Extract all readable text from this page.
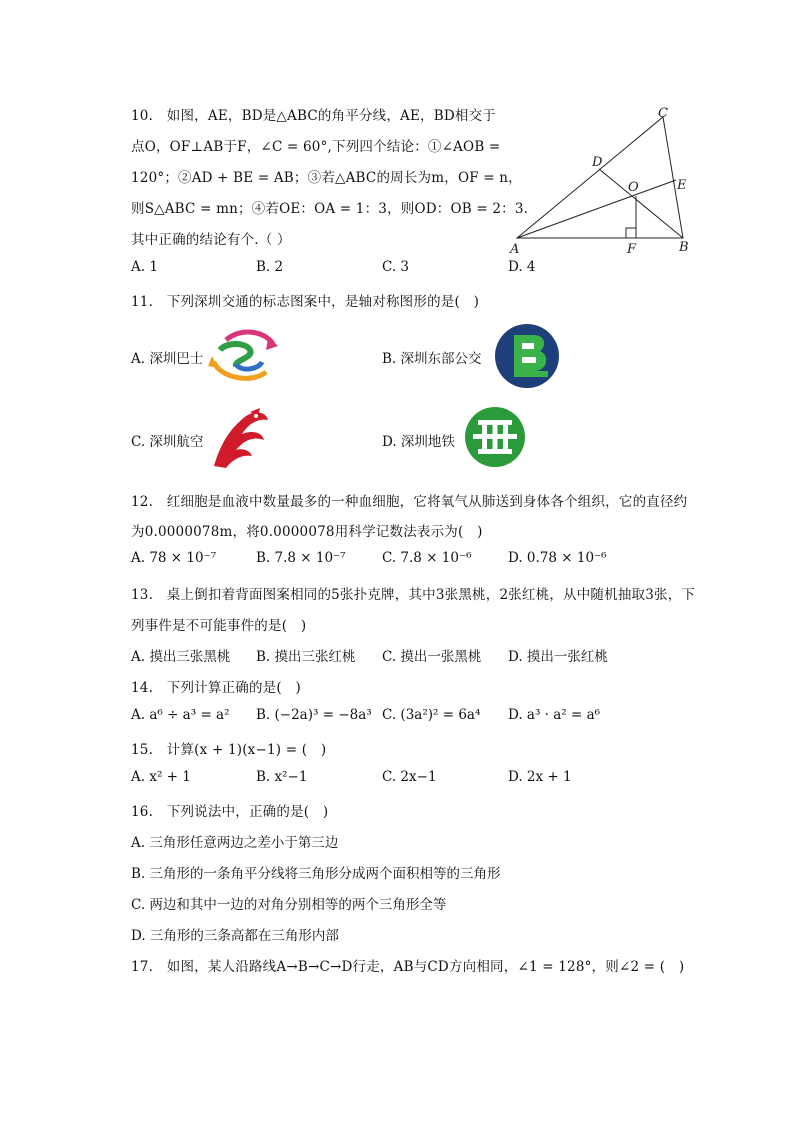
10.　如图，AE，BD是△ABC的角平分线，AE，BD相交于
点O，OF⊥AB于F，∠C = 60°,下列四个结论：①∠AOB =
120°；②AD + BE = AB；③若△ABC的周长为m，OF = n，
则S△ABC = mn；④若OE：OA = 1：3，则OD：OB = 2：3.
其中正确的结论有个.（ ）
A. 1	B. 2	C. 3	D. 4
C
D
O	E
A	F	B
11.　下列深圳交通的标志图案中，是轴对称图形的是(　)
A. 深圳巴士	B. 深圳东部公交
C. 深圳航空	D. 深圳地铁
12.　红细胞是血液中数量最多的一种血细胞，它将氧气从肺送到身体各个组织，它的直径约
为0.0000078m，将0.0000078用科学记数法表示为(　)
A. 78 × 10⁻⁷	B. 7.8 × 10⁻⁷	C. 7.8 × 10⁻⁶	D. 0.78 × 10⁻⁶
13.　桌上倒扣着背面图案相同的5张扑克牌，其中3张黑桃，2张红桃，从中随机抽取3张，下
列事件是不可能事件的是(　)
A. 摸出三张黑桃 B. 摸出三张红桃 C. 摸出一张黑桃 D. 摸出一张红桃
14.　下列计算正确的是(　)
A. a⁶ ÷ a³ = a² B. (−2a)³ = −8a³ C. (3a²)² = 6a⁴ D. a³ · a² = a⁶
15.　计算(x + 1)(x−1) = (　)
A. x² + 1	B. x²−1	C. 2x−1	D. 2x + 1
16.　下列说法中，正确的是(　)
A. 三角形任意两边之差小于第三边
B. 三角形的一条角平分线将三角形分成两个面积相等的三角形
C. 两边和其中一边的对角分别相等的两个三角形全等
D. 三角形的三条高都在三角形内部
17.　如图，某人沿路线A→B→C→D行走，AB与CD方向相同，∠1 = 128°，则∠2 = (　)
